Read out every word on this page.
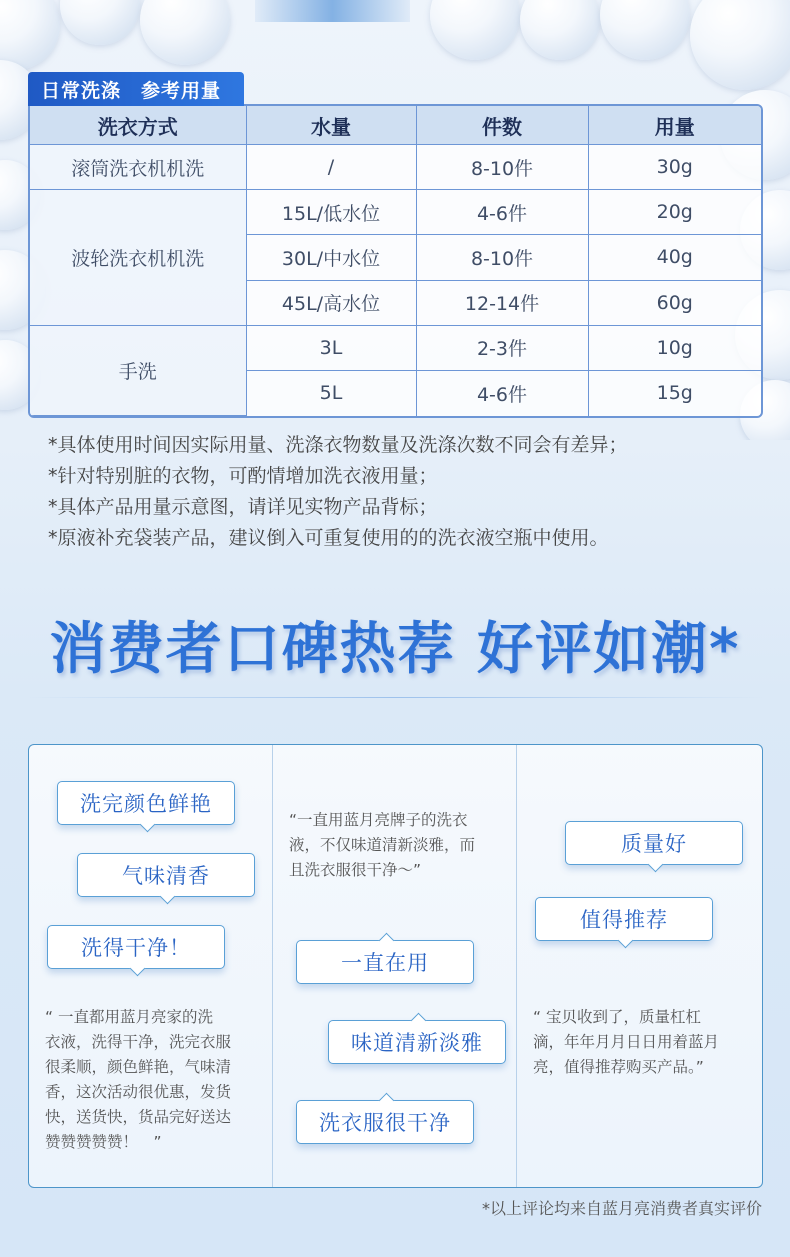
日常洗涤　参考用量
洗衣方式	水量	件数	用量
滚筒洗衣机机洗	/	8-10件	30g
波轮洗衣机机洗	15L/低水位	4-6件	20g
	30L/中水位	8-10件	40g
	45L/高水位	12-14件	60g
手洗	3L	2-3件	10g
	5L	4-6件	15g
*具体使用时间因实际用量、洗涤衣物数量及洗涤次数不同会有差异；
*针对特别脏的衣物，可酌情增加洗衣液用量；
*具体产品用量示意图，请详见实物产品背标；
*原液补充袋装产品，建议倒入可重复使用的的洗衣液空瓶中使用。
消费者口碑热荐 好评如潮*
洗完颜色鲜艳
气味清香
洗得干净！
“ 一直都用蓝月亮家的洗
衣液，洗得干净，洗完衣服
很柔顺，颜色鲜艳，气味清
香，这次活动很优惠，发货
快，送货快，货品完好送达
赞赞赞赞赞！　”
“一直用蓝月亮牌子的洗衣
液，不仅味道清新淡雅，而
且洗衣服很干净～”
一直在用
味道清新淡雅
洗衣服很干净
质量好
值得推荐
“ 宝贝收到了，质量杠杠
滴，年年月月日日用着蓝月
亮，值得推荐购买产品。”
*以上评论均来自蓝月亮消费者真实评价
